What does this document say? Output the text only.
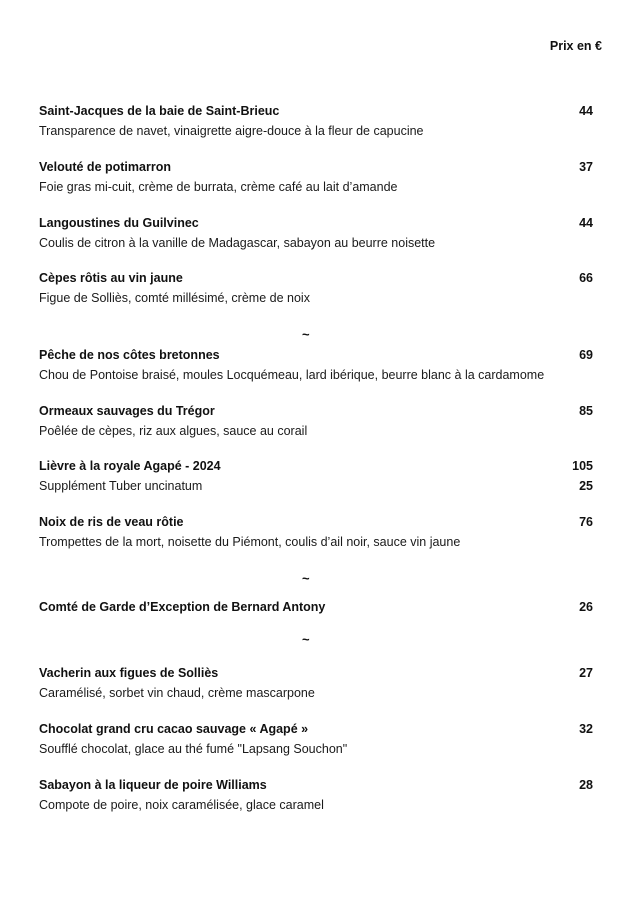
Prix en €
Saint-Jacques de la baie de Saint-Brieuc	44
Transparence de navet, vinaigrette aigre-douce à la fleur de capucine
Velouté de potimarron	37
Foie gras mi-cuit, crème de burrata, crème café au lait d’amande
Langoustines du Guilvinec	44
Coulis de citron à la vanille de Madagascar, sabayon au beurre noisette
Cèpes rôtis au vin jaune	66
Figue de Solliès, comté millésimé, crème de noix
~
Pêche de nos côtes bretonnes	69
Chou de Pontoise braisé, moules Locquémeau, lard ibérique, beurre blanc à la cardamome
Ormeaux sauvages du Trégor	85
Poêlée de cèpes, riz aux algues, sauce au corail
Lièvre à la royale Agapé - 2024	105
Supplément Tuber uncinatum	25
Noix de ris de veau rôtie	76
Trompettes de la mort, noisette du Piémont, coulis d’ail noir, sauce vin jaune
~
Comté de Garde d’Exception de Bernard Antony	26
~
Vacherin aux figues de Solliès	27
Caramélisé, sorbet vin chaud, crème mascarpone
Chocolat grand cru cacao sauvage « Agapé »	32
Soufflé chocolat, glace au thé fumé "Lapsang Souchon"
Sabayon à la liqueur de poire Williams	28
Compote de poire, noix caramélisée, glace caramel
